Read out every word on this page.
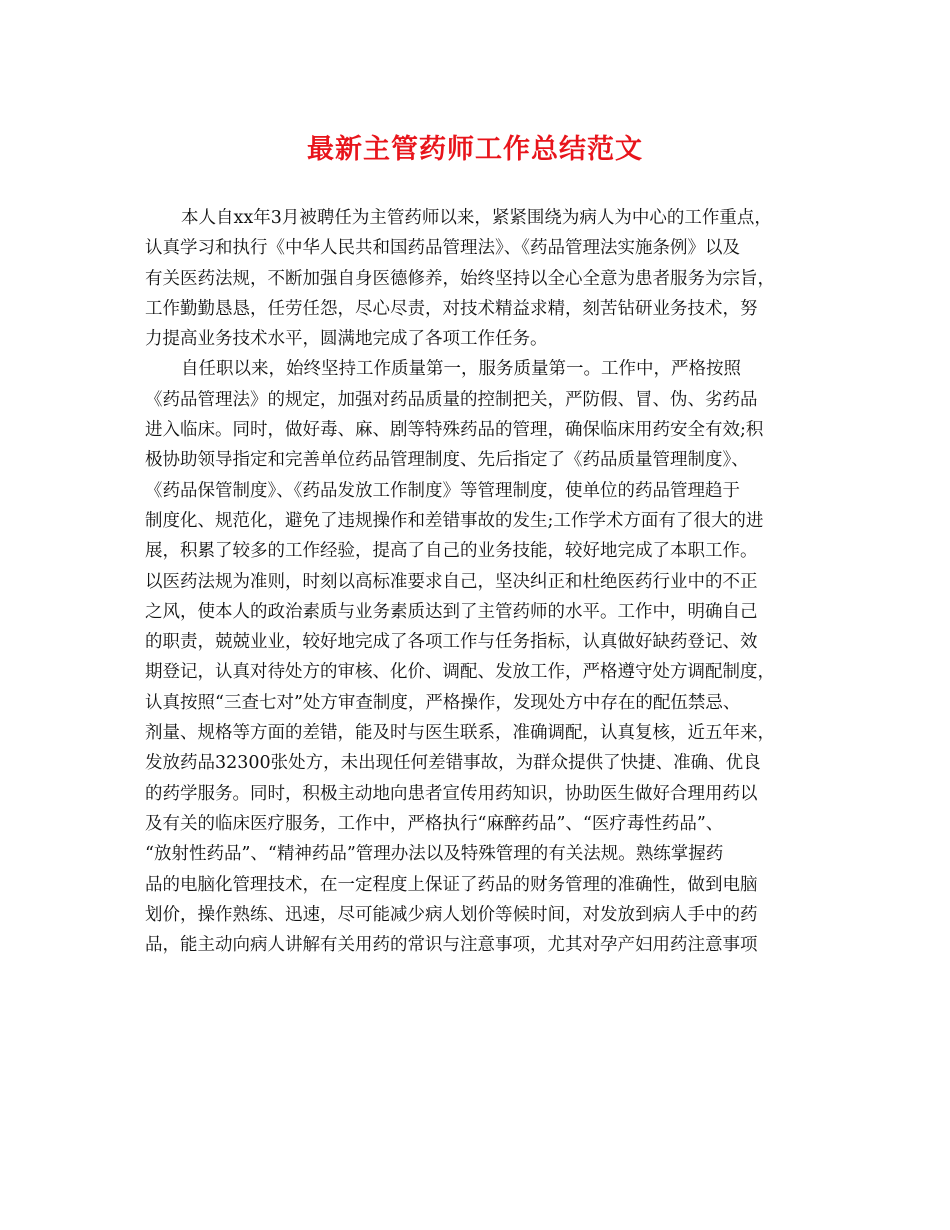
最新主管药师工作总结范文
本人自xx年3月被聘任为主管药师以来，紧紧围绕为病人为中心的工作重点，
认真学习和执行《中华人民共和国药品管理法》、《药品管理法实施条例》以及
有关医药法规，不断加强自身医德修养，始终坚持以全心全意为患者服务为宗旨，
工作勤勤恳恳，任劳任怨，尽心尽责，对技术精益求精，刻苦钻研业务技术，努
力提高业务技术水平，圆满地完成了各项工作任务。
自任职以来，始终坚持工作质量第一，服务质量第一。工作中，严格按照
《药品管理法》的规定，加强对药品质量的控制把关，严防假、冒、伪、劣药品
进入临床。同时，做好毒、麻、剧等特殊药品的管理，确保临床用药安全有效;积
极协助领导指定和完善单位药品管理制度、先后指定了《药品质量管理制度》、
《药品保管制度》、《药品发放工作制度》等管理制度，使单位的药品管理趋于
制度化、规范化，避免了违规操作和差错事故的发生;工作学术方面有了很大的进
展，积累了较多的工作经验，提高了自己的业务技能，较好地完成了本职工作。
以医药法规为准则，时刻以高标准要求自己，坚决纠正和杜绝医药行业中的不正
之风，使本人的政治素质与业务素质达到了主管药师的水平。工作中，明确自己
的职责，兢兢业业，较好地完成了各项工作与任务指标，认真做好缺药登记、效
期登记，认真对待处方的审核、化价、调配、发放工作，严格遵守处方调配制度，
认真按照“三查七对”处方审查制度，严格操作，发现处方中存在的配伍禁忌、
剂量、规格等方面的差错，能及时与医生联系，准确调配，认真复核，近五年来，
发放药品32300张处方，未出现任何差错事故，为群众提供了快捷、准确、优良
的药学服务。同时，积极主动地向患者宣传用药知识，协助医生做好合理用药以
及有关的临床医疗服务，工作中，严格执行“麻醉药品”、“医疗毒性药品”、
“放射性药品”、“精神药品”管理办法以及特殊管理的有关法规。熟练掌握药
品的电脑化管理技术，在一定程度上保证了药品的财务管理的准确性，做到电脑
划价，操作熟练、迅速，尽可能减少病人划价等候时间，对发放到病人手中的药
品，能主动向病人讲解有关用药的常识与注意事项，尤其对孕产妇用药注意事项
